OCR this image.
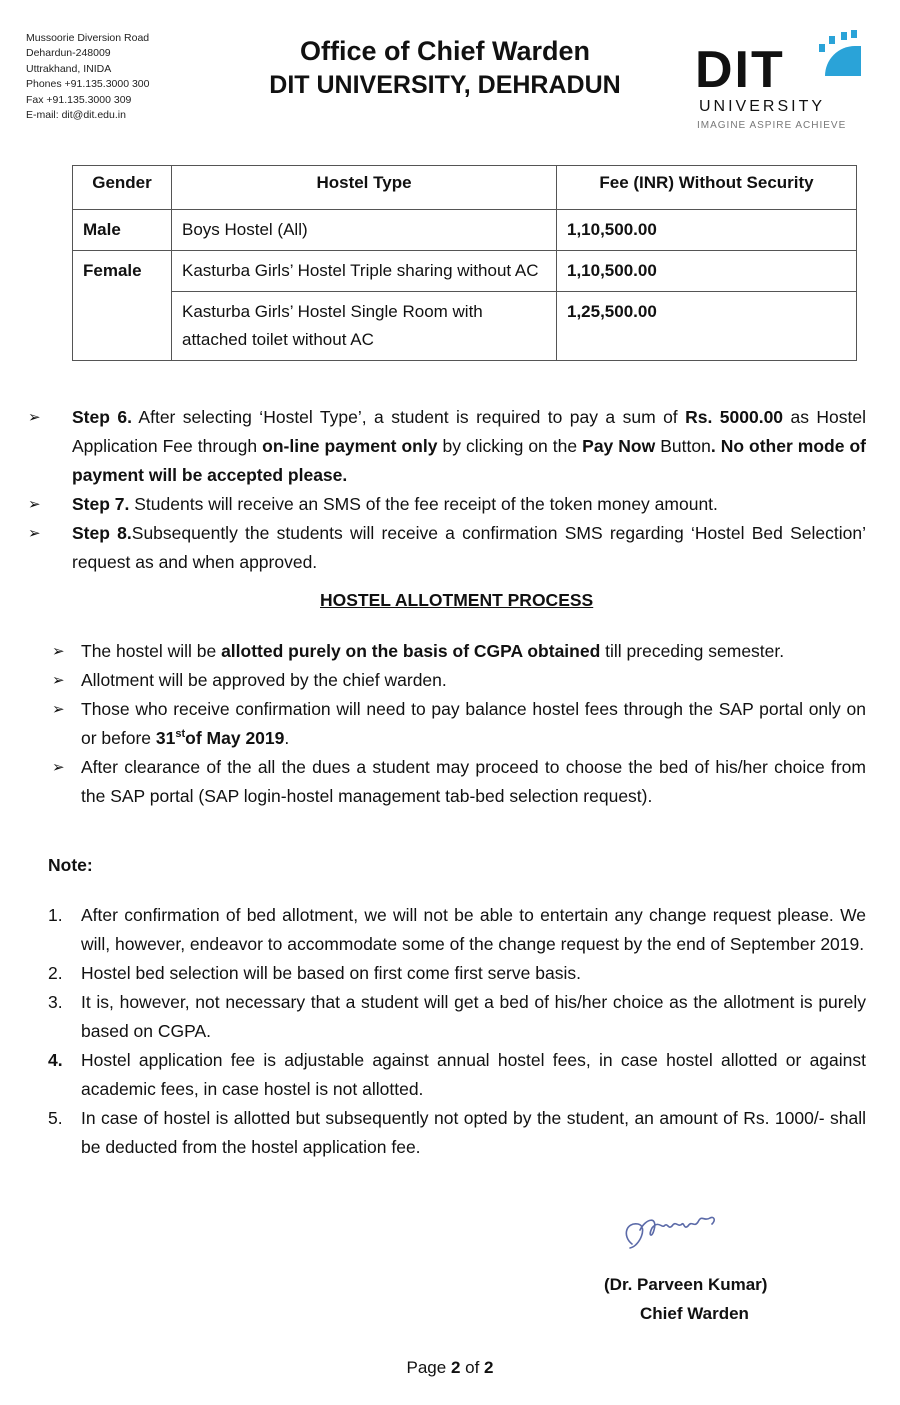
Mussoorie Diversion Road
Dehardun-248009
Uttrakhand, INIDA
Phones +91.135.3000 300
Fax +91.135.3000 309
E-mail: dit@dit.edu.in
Office of Chief Warden
DIT UNIVERSITY, DEHRADUN	DIT
UNIVERSITY
IMAGINE ASPIRE ACHIEVE
Gender	Hostel Type	Fee (INR) Without Security
Male	Boys Hostel (All)	1,10,500.00
Female	Kasturba Girls’ Hostel Triple sharing without AC	1,10,500.00
	Kasturba Girls’ Hostel Single Room with attached toilet without AC	1,25,500.00
➢ Step 6. After selecting ‘Hostel Type’, a student is required to pay a sum of Rs. 5000.00 as Hostel Application Fee through on-line payment only by clicking on the Pay Now Button. No other mode of payment will be accepted please.
➢ Step 7. Students will receive an SMS of the fee receipt of the token money amount.
➢ Step 8.Subsequently the students will receive a confirmation SMS regarding ‘Hostel Bed Selection’ request as and when approved.
HOSTEL ALLOTMENT PROCESS
➢ The hostel will be allotted purely on the basis of CGPA obtained till preceding semester.
➢ Allotment will be approved by the chief warden.
➢ Those who receive confirmation will need to pay balance hostel fees through the SAP portal only on or before 31stof May 2019.
➢ After clearance of the all the dues a student may proceed to choose the bed of his/her choice from the SAP portal (SAP login-hostel management tab-bed selection request).
Note:
1. After confirmation of bed allotment, we will not be able to entertain any change request please. We will, however, endeavor to accommodate some of the change request by the end of September 2019.
2. Hostel bed selection will be based on first come first serve basis.
3. It is, however, not necessary that a student will get a bed of his/her choice as the allotment is purely based on CGPA.
4. Hostel application fee is adjustable against annual hostel fees, in case hostel allotted or against academic fees, in case hostel is not allotted.
5. In case of hostel is allotted but subsequently not opted by the student, an amount of Rs. 1000/- shall be deducted from the hostel application fee.
(Dr. Parveen Kumar)
Chief Warden
Page 2 of 2
